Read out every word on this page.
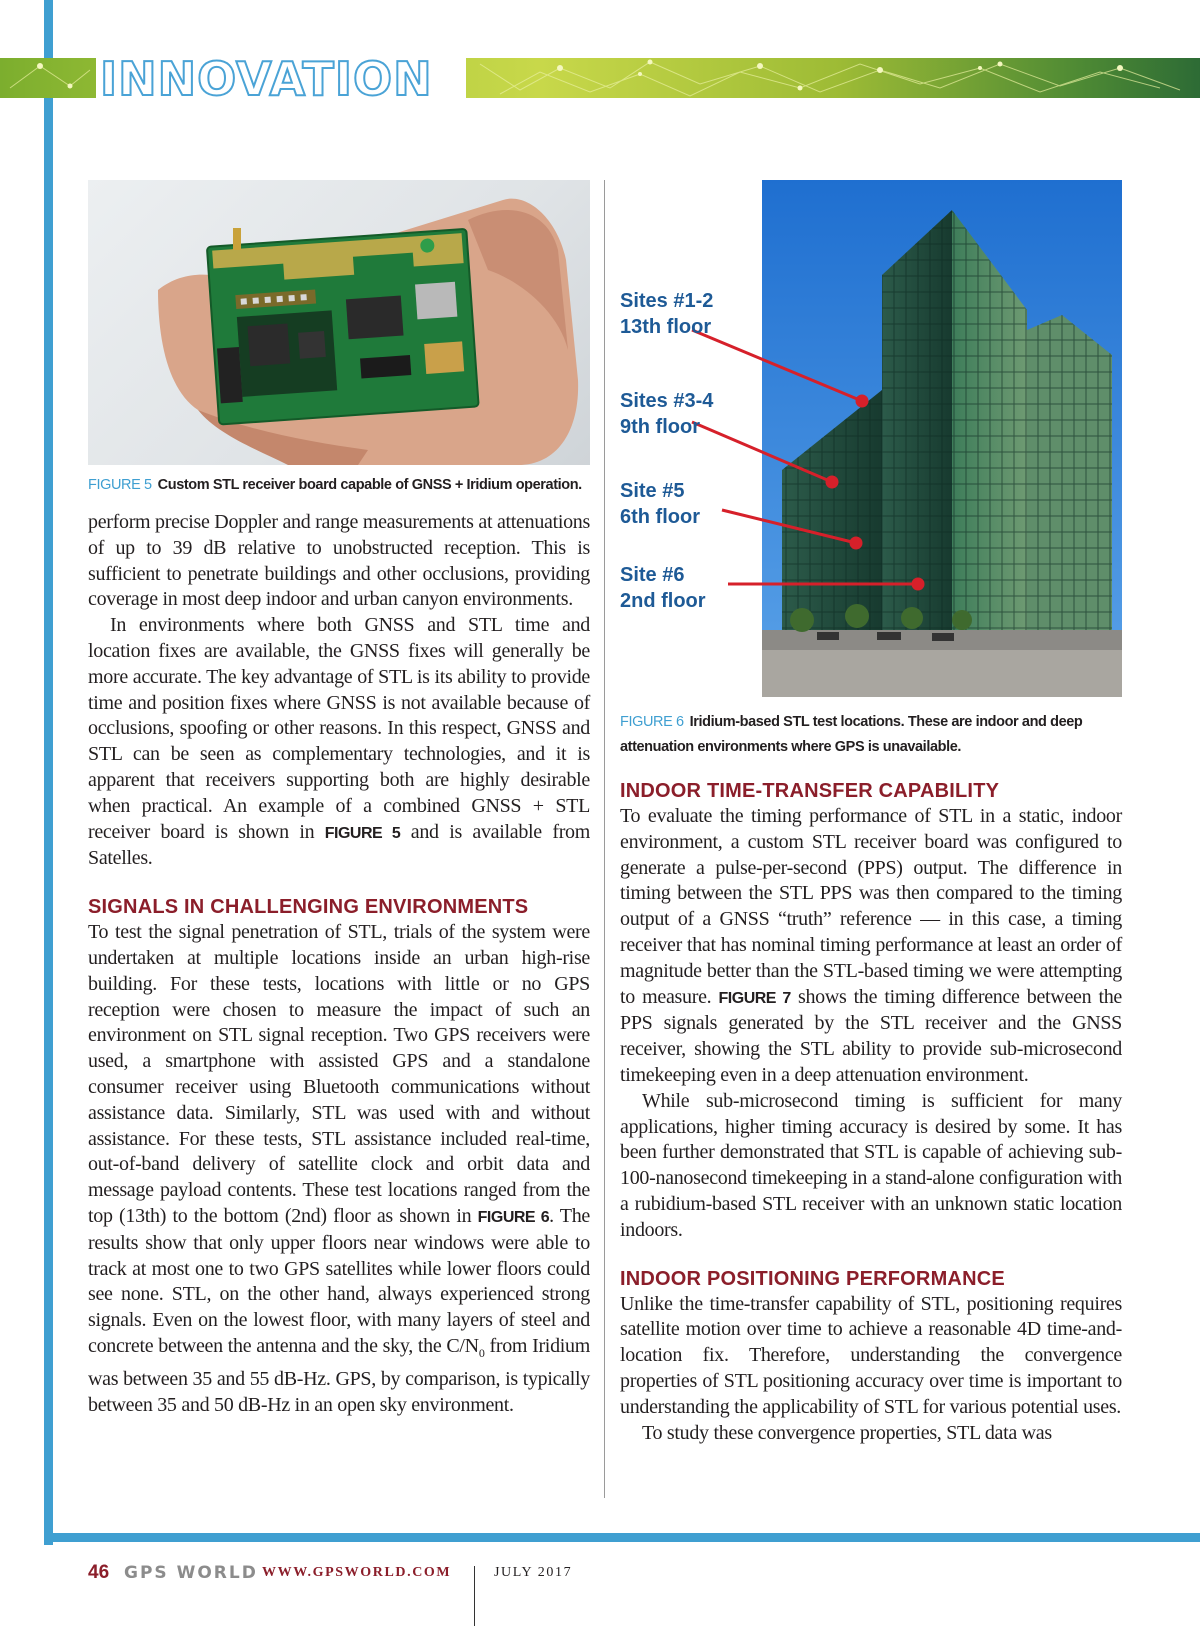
INNOVATION
FIGURE 5 Custom STL receiver board capable of GNSS + Iridium operation.

perform precise Doppler and range measurements at attenuations of up to 39 dB relative to unobstructed reception. This is sufficient to penetrate buildings and other occlusions, providing coverage in most deep indoor and urban canyon environments.

In environments where both GNSS and STL time and location fixes are available, the GNSS fixes will generally be more accurate. The key advantage of STL is its ability to provide time and position fixes where GNSS is not available because of occlusions, spoofing or other reasons. In this respect, GNSS and STL can be seen as complementary technologies, and it is apparent that receivers supporting both are highly desirable when practical. An example of a combined GNSS + STL receiver board is shown in FIGURE 5 and is available from Satelles.

SIGNALS IN CHALLENGING ENVIRONMENTS

To test the signal penetration of STL, trials of the system were undertaken at multiple locations inside an urban high-rise building. For these tests, locations with little or no GPS reception were chosen to measure the impact of such an environment on STL signal reception. Two GPS receivers were used, a smartphone with assisted GPS and a standalone consumer receiver using Bluetooth communications without assistance data. Similarly, STL was used with and without assistance. For these tests, STL assistance included real-time, out-of-band delivery of satellite clock and orbit data and message payload contents. These test locations ranged from the top (13th) to the bottom (2nd) floor as shown in FIGURE 6. The results show that only upper floors near windows were able to track at most one to two GPS satellites while lower floors could see none. STL, on the other hand, always experienced strong signals. Even on the lowest floor, with many layers of steel and concrete between the antenna and the sky, the $C/N_0$ from Iridium was between 35 and 55 dB-Hz. GPS, by comparison, is typically between 35 and 50 dB-Hz in an open sky environment.

Sites #1-2
13th floor
Sites #3-4
9th floor
Site #5
6th floor
Site #6
2nd floor
FIGURE 6 Iridium-based STL test locations. These are indoor and deep attenuation environments where GPS is unavailable.
INDOOR TIME-TRANSFER CAPABILITY

To evaluate the timing performance of STL in a static, indoor environment, a custom STL receiver board was configured to generate a pulse-per-second (PPS) output. The difference in timing between the STL PPS was then compared to the timing output of a GNSS “truth” reference — in this case, a timing receiver that has nominal timing performance at least an order of magnitude better than the STL-based timing we were attempting to measure. FIGURE 7 shows the timing difference between the PPS signals generated by the STL receiver and the GNSS receiver, showing the STL ability to provide sub-microsecond timekeeping even in a deep attenuation environment.

While sub-microsecond timing is sufficient for many applications, higher timing accuracy is desired by some. It has been further demonstrated that STL is capable of achieving sub-100-nanosecond timekeeping in a stand-alone configuration with a rubidium-based STL receiver with an unknown static location indoors.

INDOOR POSITIONING PERFORMANCE

Unlike the time-transfer capability of STL, positioning requires satellite motion over time to achieve a reasonable 4D time-and-location fix. Therefore, understanding the convergence properties of STL positioning accuracy over time is important to understanding the applicability of STL for various potential uses.

To study these convergence properties, STL data was

46 GPS WORLD WWW.GPSWORLD.COM	JULY 2017
